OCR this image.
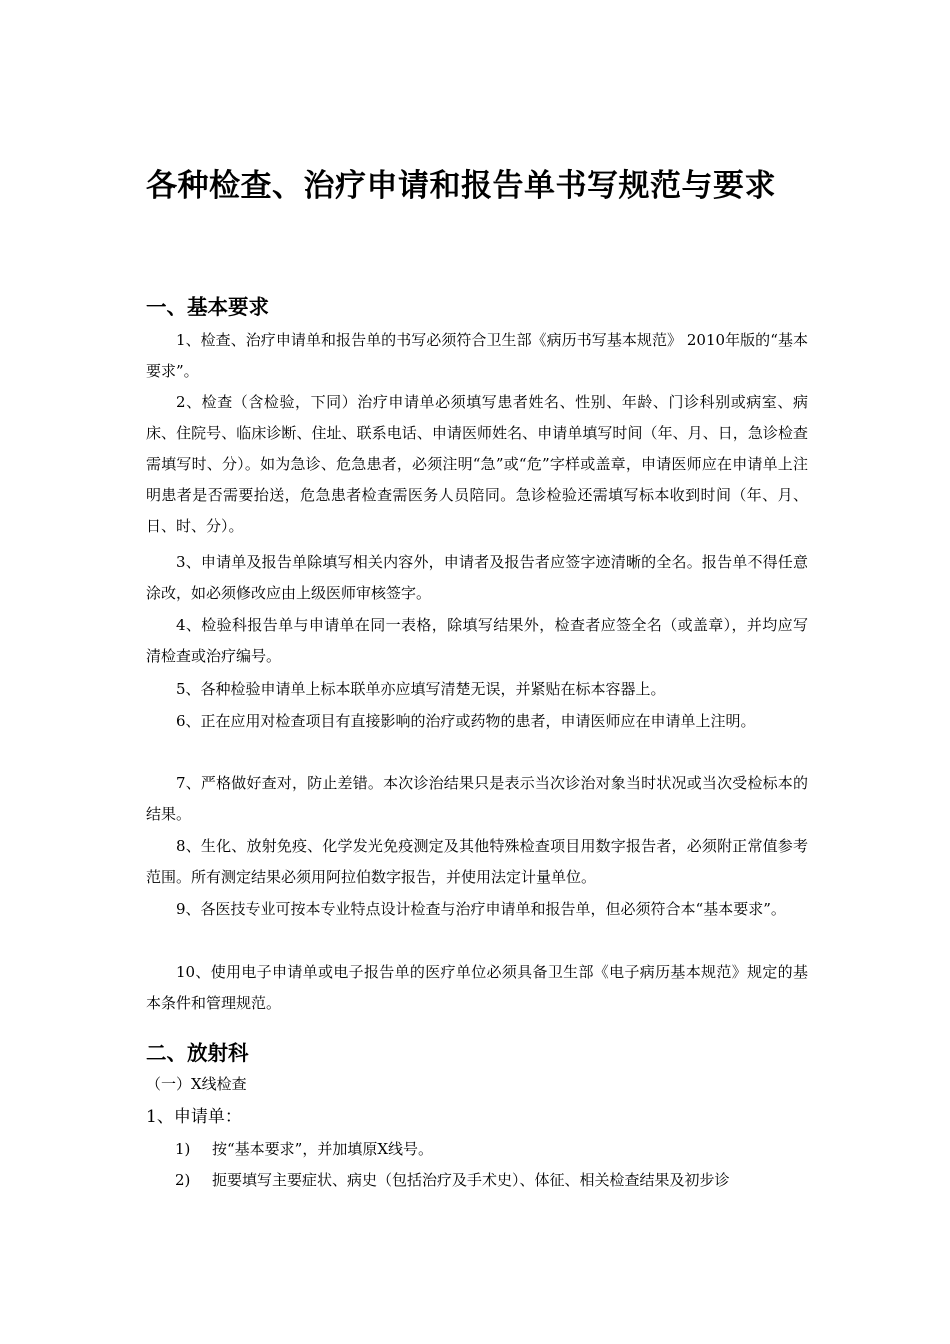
各种检查、治疗申请和报告单书写规范与要求
一、基本要求

1、检查、治疗申请单和报告单的书写必须符合卫生部《病历书写基本规范》 2010年版的“基本要求”。

2、检查（含检验，下同）治疗申请单必须填写患者姓名、性别、年龄、门诊科别或病室、病床、住院号、临床诊断、住址、联系电话、申请医师姓名、申请单填写时间（年、月、日，急诊检查需填写时、分）。如为急诊、危急患者，必须注明“急”或“危”字样或盖章，申请医师应在申请单上注明患者是否需要抬送，危急患者检查需医务人员陪同。急诊检验还需填写标本收到时间（年、月、日、时、分）。

3、申请单及报告单除填写相关内容外，申请者及报告者应签字迹清晰的全名。报告单不得任意涂改，如必须修改应由上级医师审核签字。

4、检验科报告单与申请单在同一表格，除填写结果外，检查者应签全名（或盖章），并均应写清检查或治疗编号。

5、各种检验申请单上标本联单亦应填写清楚无误，并紧贴在标本容器上。

6、正在应用对检查项目有直接影响的治疗或药物的患者，申请医师应在申请单上注明。

7、严格做好查对，防止差错。本次诊治结果只是表示当次诊治对象当时状况或当次受检标本的结果。

8、生化、放射免疫、化学发光免疫测定及其他特殊检查项目用数字报告者，必须附正常值参考范围。所有测定结果必须用阿拉伯数字报告，并使用法定计量单位。

9、各医技专业可按本专业特点设计检查与治疗申请单和报告单，但必须符合本“基本要求”。

10、使用电子申请单或电子报告单的医疗单位必须具备卫生部《电子病历基本规范》规定的基本条件和管理规范。

二、放射科

（一）X线检查

1、申请单：

1) 按“基本要求”，并加填原X线号。

2) 扼要填写主要症状、病史（包括治疗及手术史）、体征、相关检查结果及初步诊
